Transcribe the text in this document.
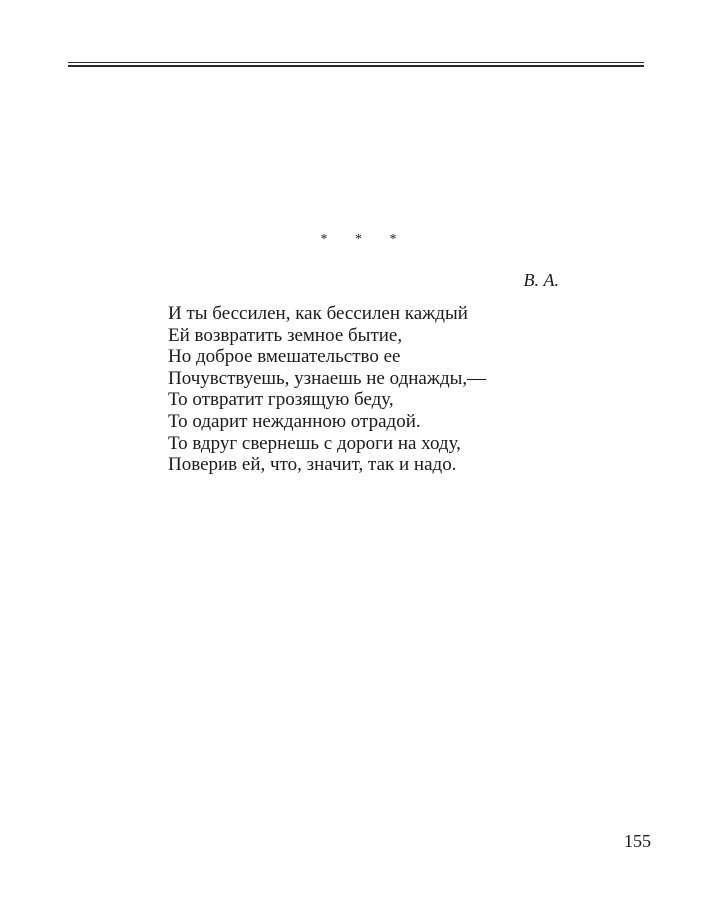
* * *
В. А.
И ты бессилен, как бессилен каждый
Ей возвратить земное бытие,
Но доброе вмешательство ее
Почувствуешь, узнаешь не однажды,—
То отвратит грозящую беду,
То одарит нежданною отрадой.
То вдруг свернешь с дороги на ходу,
Поверив ей, что, значит, так и надо.
155
